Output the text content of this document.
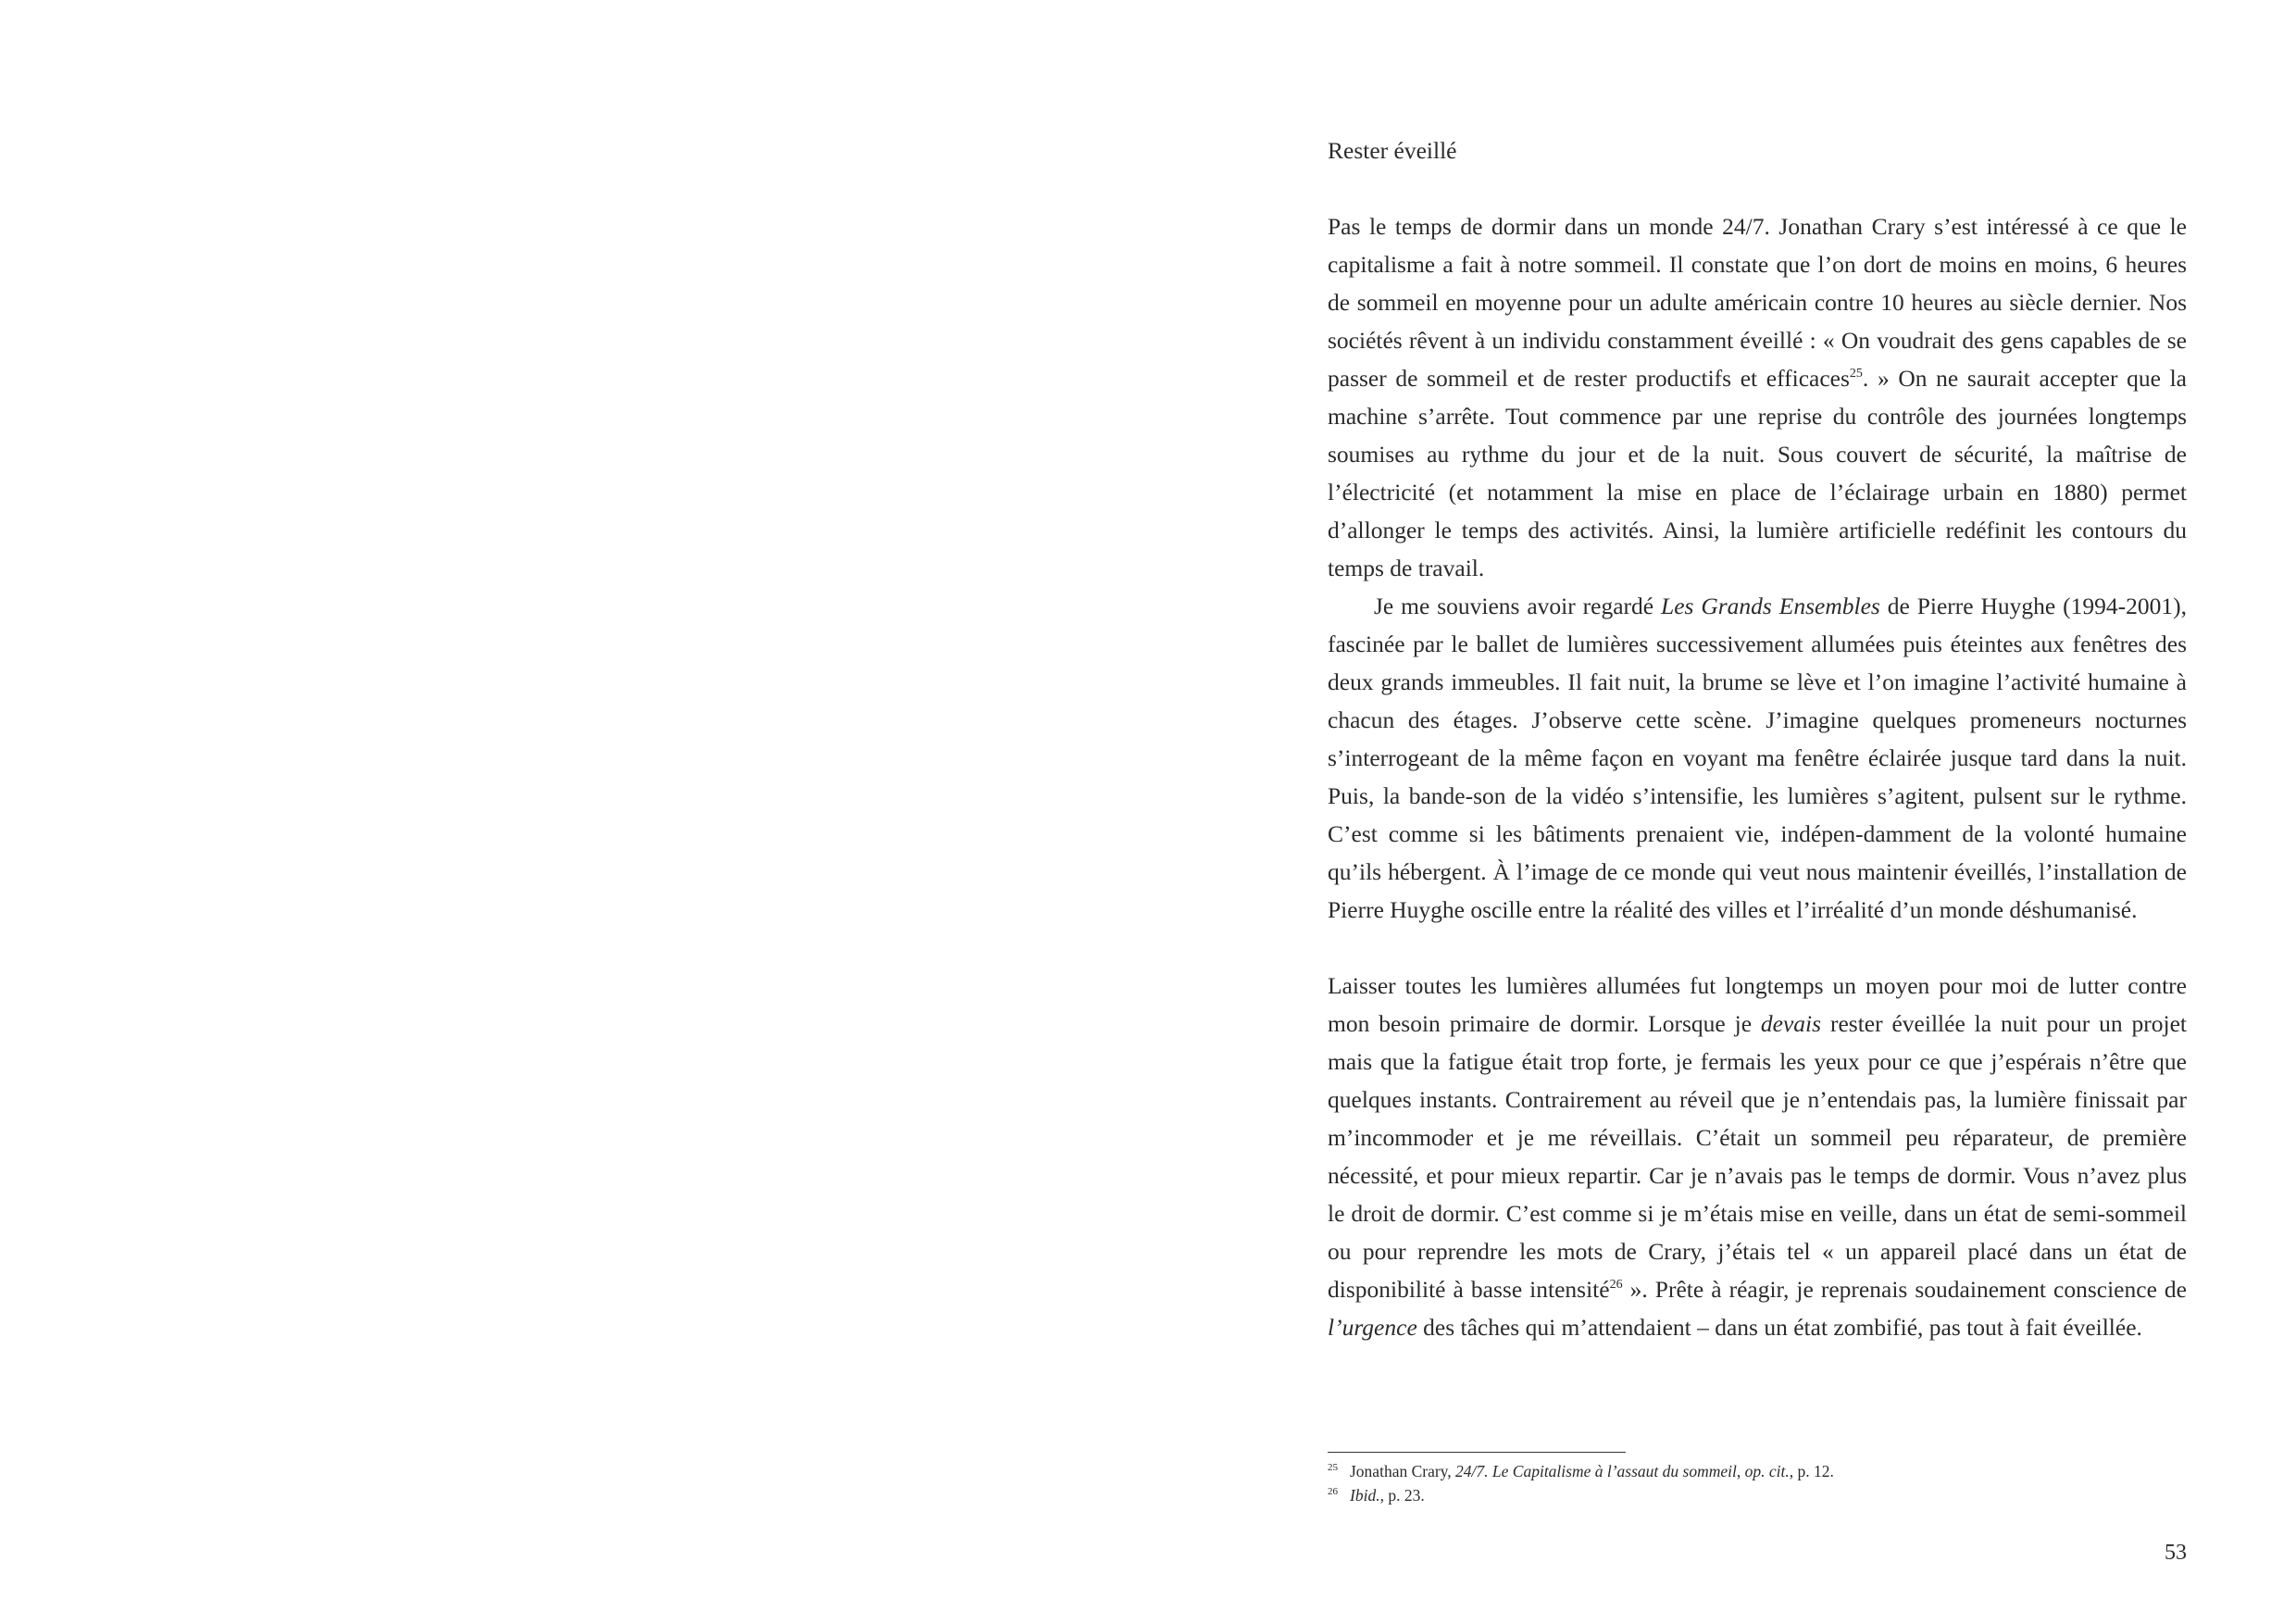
Rester éveillé

Pas le temps de dormir dans un monde 24/7. Jonathan Crary s’est intéressé à ce que le capitalisme a fait à notre sommeil. Il constate que l’on dort de moins en moins, 6 heures de sommeil en moyenne pour un adulte américain contre 10 heures au siècle dernier. Nos sociétés rêvent à un individu constamment éveillé : « On voudrait des gens capables de se passer de sommeil et de rester productifs et efficaces$^{25}$. » On ne saurait accepter que la machine s’arrête. Tout commence par une reprise du contrôle des journées longtemps soumises au rythme du jour et de la nuit. Sous couvert de sécurité, la maîtrise de l’électricité (et notamment la mise en place de l’éclairage urbain en 1880) permet d’allonger le temps des activités. Ainsi, la lumière artificielle redéfinit les contours du temps de travail.

Je me souviens avoir regardé Les Grands Ensembles de Pierre Huyghe (1994-2001), fascinée par le ballet de lumières successivement allumées puis éteintes aux fenêtres des deux grands immeubles. Il fait nuit, la brume se lève et l’on imagine l’activité humaine à chacun des étages. J’observe cette scène. J’imagine quelques promeneurs nocturnes s’interrogeant de la même façon en voyant ma fenêtre éclairée jusque tard dans la nuit. Puis, la bande-son de la vidéo s’intensifie, les lumières s’agitent, pulsent sur le rythme. C’est comme si les bâtiments prenaient vie, indépen-damment de la volonté humaine qu’ils hébergent. À l’image de ce monde qui veut nous maintenir éveillés, l’installation de Pierre Huyghe oscille entre la réalité des villes et l’irréalité d’un monde déshumanisé.

Laisser toutes les lumières allumées fut longtemps un moyen pour moi de lutter contre mon besoin primaire de dormir. Lorsque je devais rester éveillée la nuit pour un projet mais que la fatigue était trop forte, je fermais les yeux pour ce que j’espérais n’être que quelques instants. Contrairement au réveil que je n’entendais pas, la lumière finissait par m’incommoder et je me réveillais. C’était un sommeil peu réparateur, de première nécessité, et pour mieux repartir. Car je n’avais pas le temps de dormir. Vous n’avez plus le droit de dormir. C’est comme si je m’étais mise en veille, dans un état de semi-sommeil ou pour reprendre les mots de Crary, j’étais tel « un appareil placé dans un état de disponibilité à basse intensité$^{26}$ ». Prête à réagir, je reprenais soudainement conscience de l’urgence des tâches qui m’attendaient – dans un état zombifié, pas tout à fait éveillée.

25 Jonathan Crary, 24/7. Le Capitalisme à l’assaut du sommeil, op. cit., p. 12.
26 Ibid., p. 23.
53
